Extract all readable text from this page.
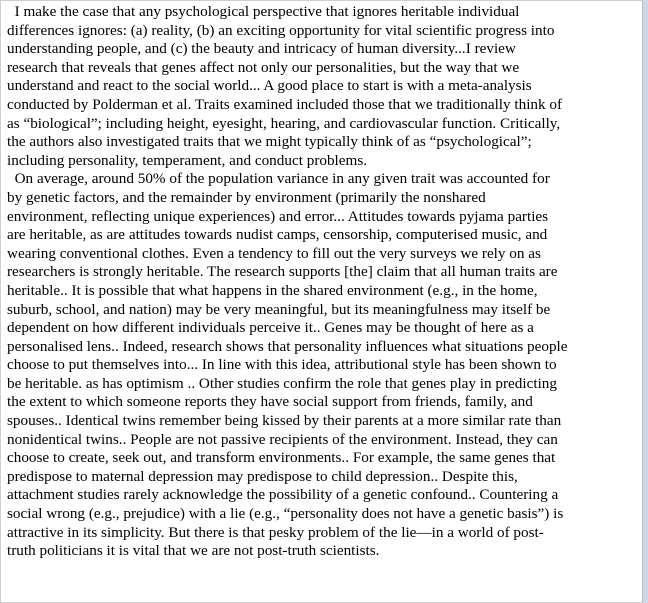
I make the case that any psychological perspective that ignores heritable individual
differences ignores: (a) reality, (b) an exciting opportunity for vital scientific progress into
understanding people, and (c) the beauty and intricacy of human diversity...I review
research that reveals that genes affect not only our personalities, but the way that we
understand and react to the social world... A good place to start is with a meta-analysis
conducted by Polderman et al. Traits examined included those that we traditionally think of
as “biological”; including height, eyesight, hearing, and cardiovascular function. Critically,
the authors also investigated traits that we might typically think of as “psychological”;
including personality, temperament, and conduct problems.
On average, around 50% of the population variance in any given trait was accounted for
by genetic factors, and the remainder by environment (primarily the nonshared
environment, reflecting unique experiences) and error... Attitudes towards pyjama parties
are heritable, as are attitudes towards nudist camps, censorship, computerised music, and
wearing conventional clothes. Even a tendency to fill out the very surveys we rely on as
researchers is strongly heritable. The research supports [the] claim that all human traits are
heritable.. It is possible that what happens in the shared environment (e.g., in the home,
suburb, school, and nation) may be very meaningful, but its meaningfulness may itself be
dependent on how different individuals perceive it.. Genes may be thought of here as a
personalised lens.. Indeed, research shows that personality influences what situations people
choose to put themselves into... In line with this idea, attributional style has been shown to
be heritable. as has optimism .. Other studies confirm the role that genes play in predicting
the extent to which someone reports they have social support from friends, family, and
spouses.. Identical twins remember being kissed by their parents at a more similar rate than
nonidentical twins.. People are not passive recipients of the environment. Instead, they can
choose to create, seek out, and transform environments.. For example, the same genes that
predispose to maternal depression may predispose to child depression.. Despite this,
attachment studies rarely acknowledge the possibility of a genetic confound.. Countering a
social wrong (e.g., prejudice) with a lie (e.g., “personality does not have a genetic basis”) is
attractive in its simplicity. But there is that pesky problem of the lie—in a world of post-
truth politicians it is vital that we are not post-truth scientists.
